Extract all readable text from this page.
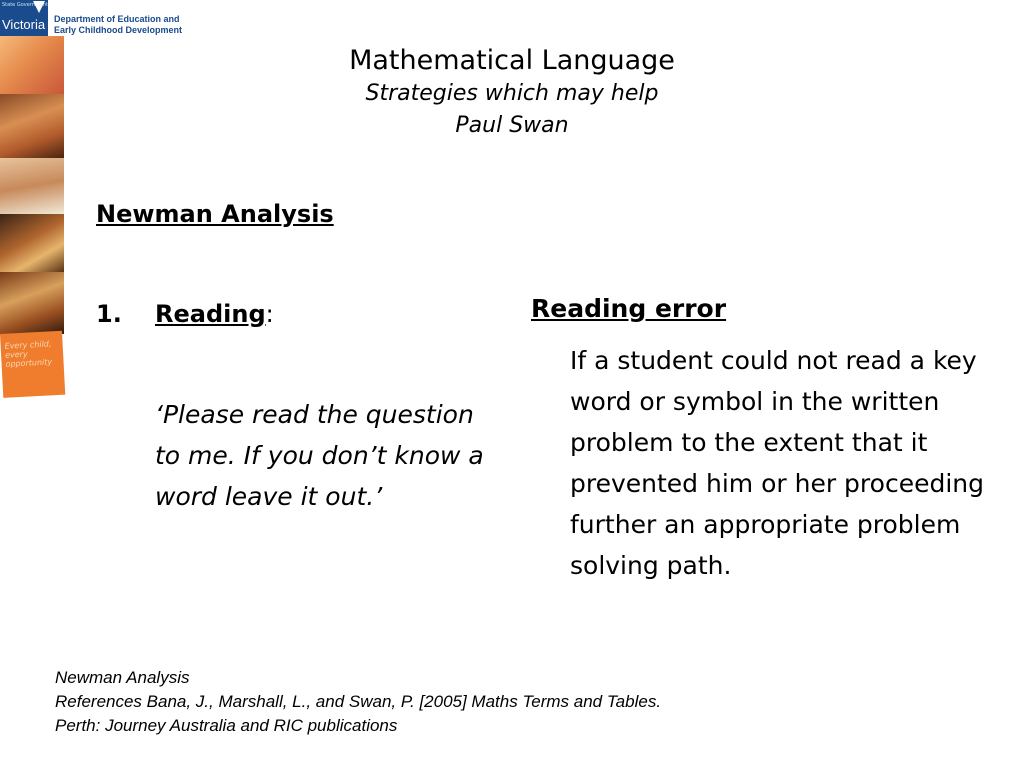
State Government
Victoria Department of Education and
Early Childhood Development
Every child, every opportunity
Mathematical Language
Strategies which may help
Paul Swan
Newman Analysis
1. Reading:
‘Please read the question to me. If you don’t know a word leave it out.’
Reading error
If a student could not read a key word or symbol in the written problem to the extent that it prevented him or her proceeding further an appropriate problem solving path.
Newman Analysis
References Bana, J., Marshall, L., and Swan, P. [2005] Maths Terms and Tables.
Perth: Journey Australia and RIC publications
